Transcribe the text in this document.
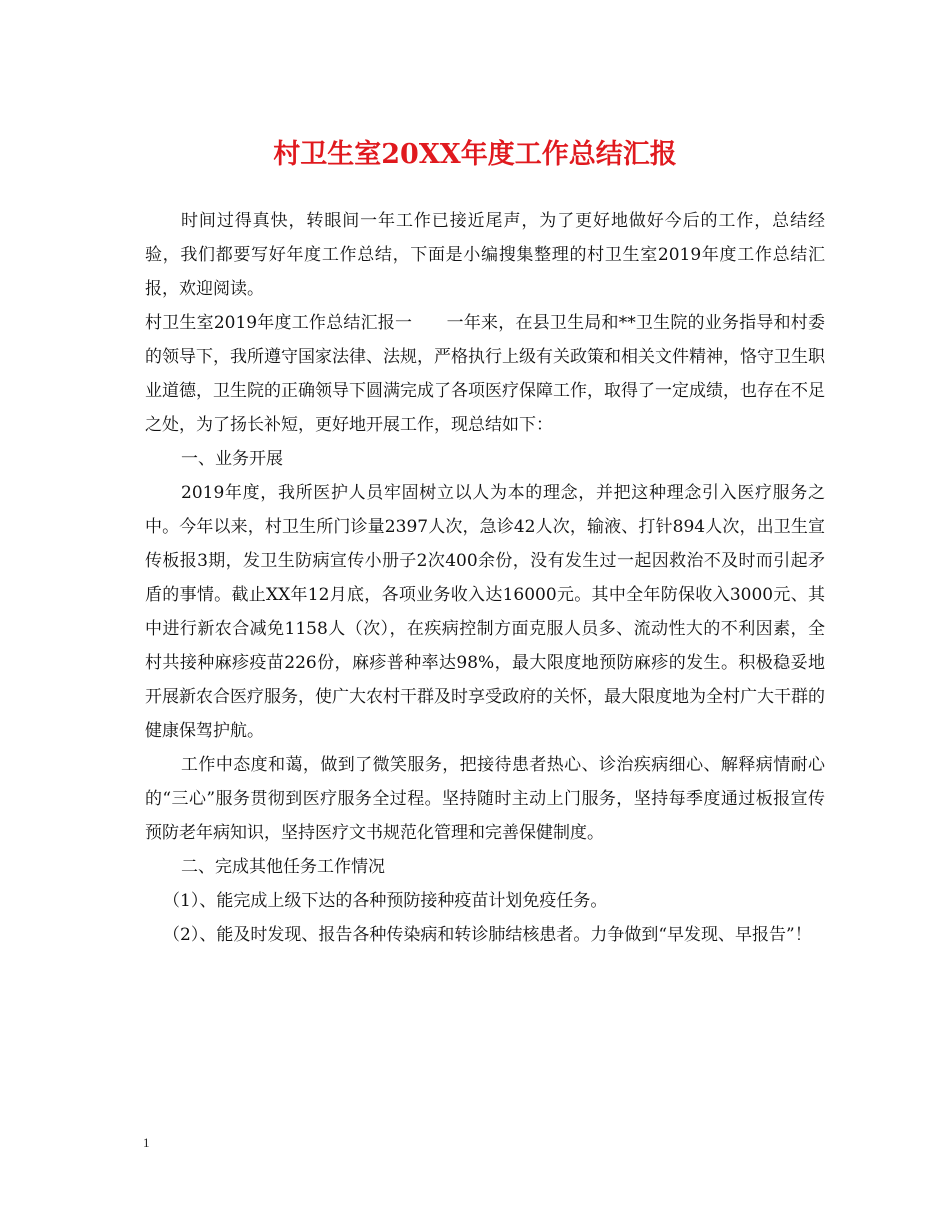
村卫生室20XX年度工作总结汇报

时间过得真快，转眼间一年工作已接近尾声，为了更好地做好今后的工作，总结经验，我们都要写好年度工作总结，下面是小编搜集整理的村卫生室2019年度工作总结汇报，欢迎阅读。

村卫生室2019年度工作总结汇报一　　一年来，在县卫生局和**卫生院的业务指导和村委的领导下，我所遵守国家法律、法规，严格执行上级有关政策和相关文件精神，恪守卫生职业道德，卫生院的正确领导下圆满完成了各项医疗保障工作，取得了一定成绩，也存在不足之处，为了扬长补短，更好地开展工作，现总结如下：

一、业务开展

2019年度，我所医护人员牢固树立以人为本的理念，并把这种理念引入医疗服务之中。今年以来，村卫生所门诊量2397人次，急诊42人次，输液、打针894人次，出卫生宣传板报3期，发卫生防病宣传小册子2次400余份，没有发生过一起因救治不及时而引起矛盾的事情。截止XX年12月底，各项业务收入达16000元。其中全年防保收入3000元、其中进行新农合减免1158人（次），在疾病控制方面克服人员多、流动性大的不利因素，全村共接种麻疹疫苗226份，麻疹普种率达98%，最大限度地预防麻疹的发生。积极稳妥地开展新农合医疗服务，使广大农村干群及时享受政府的关怀，最大限度地为全村广大干群的健康保驾护航。

工作中态度和蔼，做到了微笑服务，把接待患者热心、诊治疾病细心、解释病情耐心的“三心”服务贯彻到医疗服务全过程。坚持随时主动上门服务，坚持每季度通过板报宣传预防老年病知识，坚持医疗文书规范化管理和完善保健制度。

二、完成其他任务工作情况

（1）、能完成上级下达的各种预防接种疫苗计划免疫任务。

（2）、能及时发现、报告各种传染病和转诊肺结核患者。力争做到“早发现、早报告”！

1
